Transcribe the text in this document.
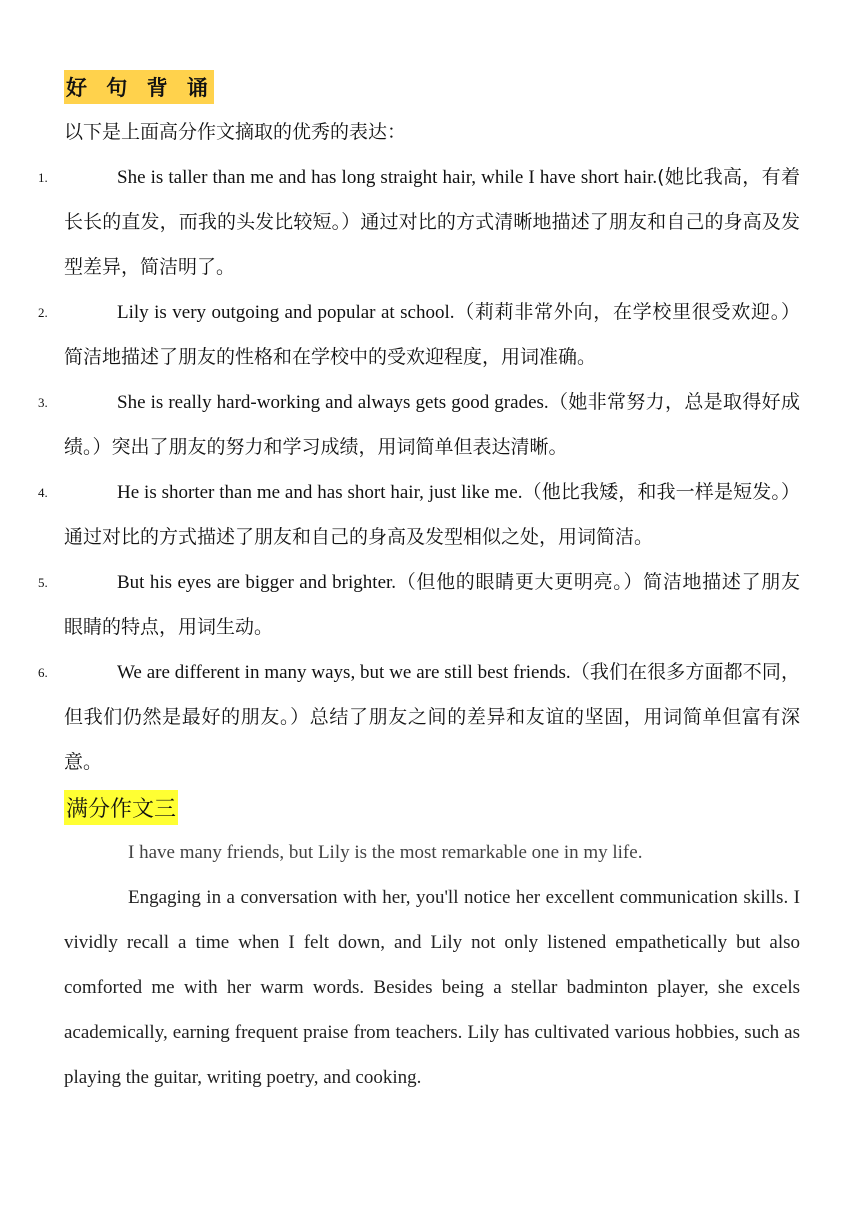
好 句 背 诵
以下是上面高分作文摘取的优秀的表达：
1.	She is taller than me and has long straight hair, while I have short hair.(她比我高，有着长长的直发，而我的头发比较短。）通过对比的方式清晰地描述了朋友和自己的身高及发型差异，简洁明了。

2.	Lily is very outgoing and popular at school.（莉莉非常外向，在学校里很受欢迎。）简洁地描述了朋友的性格和在学校中的受欢迎程度，用词准确。

3.	She is really hard-working and always gets good grades.（她非常努力，总是取得好成绩。）突出了朋友的努力和学习成绩，用词简单但表达清晰。

4.	He is shorter than me and has short hair, just like me.（他比我矮，和我一样是短发。）通过对比的方式描述了朋友和自己的身高及发型相似之处，用词简洁。

5.	But his eyes are bigger and brighter.（但他的眼睛更大更明亮。）简洁地描述了朋友眼睛的特点，用词生动。

6.	We are different in many ways, but we are still best friends.（我们在很多方面都不同，但我们仍然是最好的朋友。）总结了朋友之间的差异和友谊的坚固，用词简单但富有深意。

满分作文三

I have many friends, but Lily is the most remarkable one in my life.

Engaging in a conversation with her, you'll notice her excellent communication skills. I vividly recall a time when I felt down, and Lily not only listened empathetically but also comforted me with her warm words. Besides being a stellar badminton player, she excels academically, earning frequent praise from teachers. Lily has cultivated various hobbies, such as playing the guitar, writing poetry, and cooking.
